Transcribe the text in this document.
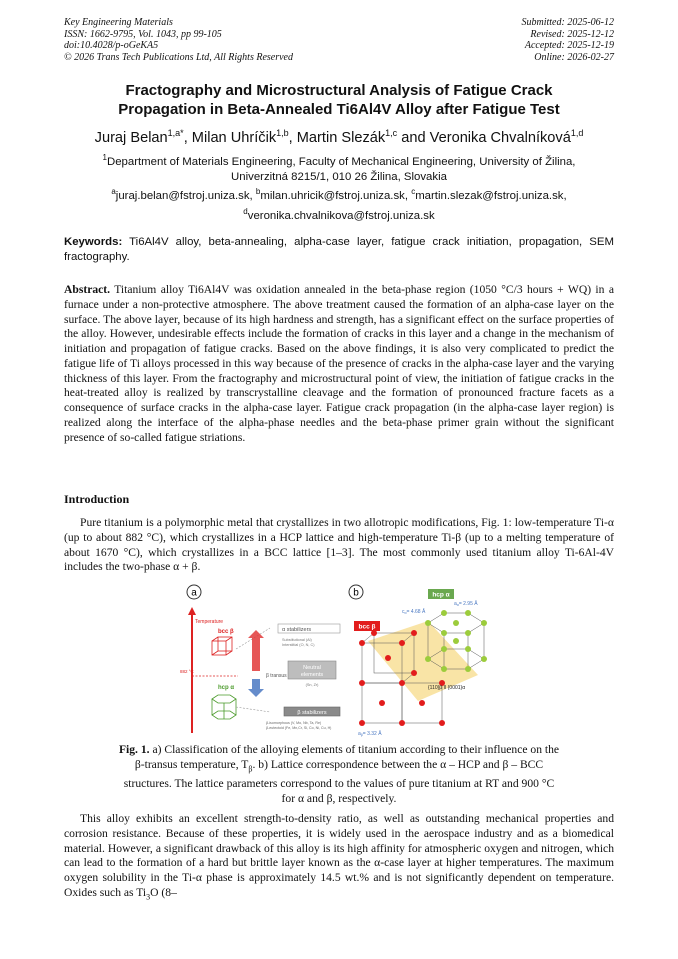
Key Engineering Materials
ISSN: 1662-9795, Vol. 1043, pp 99-105
doi:10.4028/p-oGeKA5
© 2026 Trans Tech Publications Ltd, All Rights Reserved
Submitted: 2025-06-12
Revised: 2025-12-12
Accepted: 2025-12-19
Online: 2026-02-27
Fractography and Microstructural Analysis of Fatigue Crack
Propagation in Beta-Annealed Ti6Al4V Alloy after Fatigue Test
Juraj Belan$^{1,a*}$, Milan Uhríčik$^{1,b}$, Martin Slezák$^{1,c}$ and Veronika Chvalníková$^{1,d}$
$^1$Department of Materials Engineering, Faculty of Mechanical Engineering, University of Žilina,
Univerzitná 8215/1, 010 26 Žilina, Slovakia
$^a$juraj.belan@fstroj.uniza.sk, $^b$milan.uhricik@fstroj.uniza.sk, $^c$martin.slezak@fstroj.uniza.sk,
$^d$veronika.chvalnikova@fstroj.uniza.sk
Keywords: Ti6Al4V alloy, beta-annealing, alpha-case layer, fatigue crack initiation, propagation, SEM fractography.
Abstract. Titanium alloy Ti6Al4V was oxidation annealed in the beta-phase region (1050 °C/3 hours + WQ) in a furnace under a non-protective atmosphere. The above treatment caused the formation of an alpha-case layer on the surface. The above layer, because of its high hardness and strength, has a significant effect on the surface properties of the alloy. However, undesirable effects include the formation of cracks in this layer and a change in the mechanism of initiation and propagation of fatigue cracks. Based on the above findings, it is also very complicated to predict the fatigue life of Ti alloys processed in this way because of the presence of cracks in the alpha-case layer and the varying thickness of this layer. From the fractography and microstructural point of view, the initiation of fatigue cracks in the heat-treated alloy is realized by transcrystalline cleavage and the formation of pronounced fracture facets as a consequence of surface cracks in the alpha-case layer. Fatigue crack propagation (in the alpha-case layer region) is realized along the interface of the alpha-phase needles and the beta-phase primer grain without the significant presence of so-called fatigue striations.
Introduction
Pure titanium is a polymorphic metal that crystallizes in two allotropic modifications, Fig. 1: low-temperature Ti-α (up to about 882 °C), which crystallizes in a HCP lattice and high-temperature Ti-β (up to a melting temperature of about 1670 °C), which crystallizes in a BCC lattice [1–3]. The most commonly used titanium alloy Ti-6Al-4V includes the two-phase α + β.
a
Temperature
882 °C
bcc β
hcp α
β transus
α stabilizers
Substitutional (Al)
Interstitial (O, N, C)
Neutral
elements
(Sn, Zr)
β stabilizers
β-isomorphous (V, Mo, Nb, Ta, Re)
β-eutectoid (Fe, Mn,Cr, Si, Co, Ni, Cu, H)
b
bcc β
hcp α
$a_\alpha= 2.95$ Å
$c_\alpha= 4.68$ Å
$a_\beta= 3.32$ Å
{110}β II {0001}α
Fig. 1. a) Classification of the alloying elements of titanium according to their influence on the β-transus temperature, $T_\beta$. b) Lattice correspondence between the α – HCP and β – BCC structures. The lattice parameters correspond to the values of pure titanium at RT and 900 °C for α and β, respectively.
This alloy exhibits an excellent strength-to-density ratio, as well as outstanding mechanical properties and corrosion resistance. Because of these properties, it is widely used in the aerospace industry and as a biomedical material. However, a significant drawback of this alloy is its high affinity for atmospheric oxygen and nitrogen, which can lead to the formation of a hard but brittle layer known as the α-case layer at higher temperatures. The maximum oxygen solubility in the Ti-α phase is approximately 14.5 wt.% and is not significantly dependent on temperature. Oxides such as $Ti_3O$ (8–
